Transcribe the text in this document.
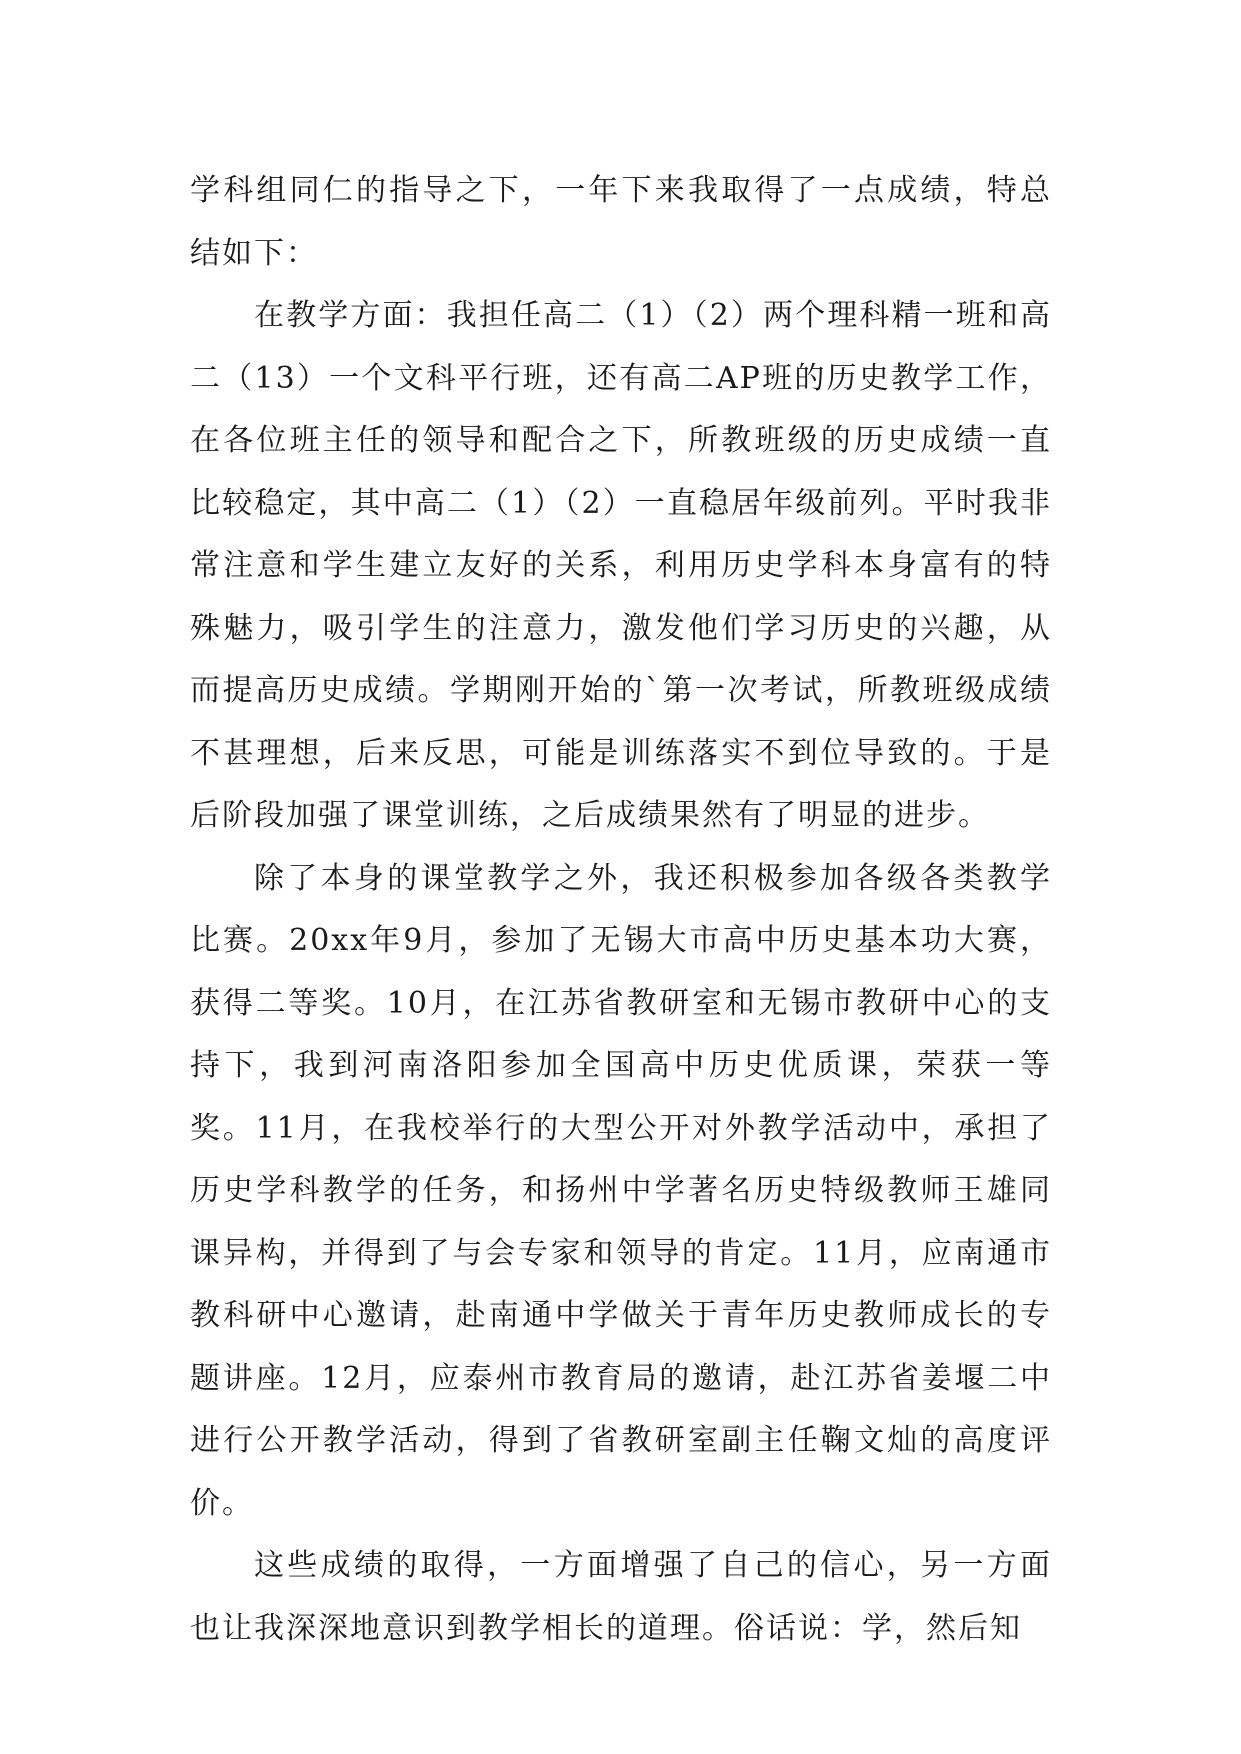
学科组同仁的指导之下，一年下来我取得了一点成绩，特总结如下：

在教学方面：我担任高二（1）（2）两个理科精一班和高二（13）一个文科平行班，还有高二AP班的历史教学工作，在各位班主任的领导和配合之下，所教班级的历史成绩一直比较稳定，其中高二（1）（2）一直稳居年级前列。平时我非常注意和学生建立友好的关系，利用历史学科本身富有的特殊魅力，吸引学生的注意力，激发他们学习历史的兴趣，从而提高历史成绩。学期刚开始的`第一次考试，所教班级成绩不甚理想，后来反思，可能是训练落实不到位导致的。于是后阶段加强了课堂训练，之后成绩果然有了明显的进步。

除了本身的课堂教学之外，我还积极参加各级各类教学比赛。20xx年9月，参加了无锡大市高中历史基本功大赛，获得二等奖。10月，在江苏省教研室和无锡市教研中心的支持下，我到河南洛阳参加全国高中历史优质课，荣获一等奖。11月，在我校举行的大型公开对外教学活动中，承担了历史学科教学的任务，和扬州中学著名历史特级教师王雄同课异构，并得到了与会专家和领导的肯定。11月，应南通市教科研中心邀请，赴南通中学做关于青年历史教师成长的专题讲座。12月，应泰州市教育局的邀请，赴江苏省姜堰二中进行公开教学活动，得到了省教研室副主任鞠文灿的高度评价。

这些成绩的取得，一方面增强了自己的信心，另一方面也让我深深地意识到教学相长的道理。俗话说：学，然后知
